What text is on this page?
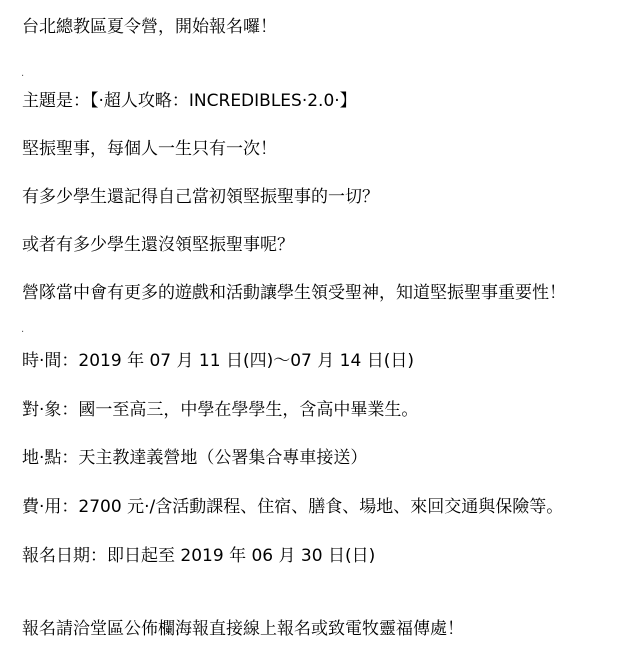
台北總教區夏令營，開始報名囉！
·
主題是：【‧超人攻略：INCREDIBLES‧2.0‧】
堅振聖事，每個人一生只有一次！
有多少學生還記得自己當初領堅振聖事的一切？
或者有多少學生還沒領堅振聖事呢？
營隊當中會有更多的遊戲和活動讓學生領受聖神，知道堅振聖事重要性！
·
時‧間：2019 年 07 月 11 日(四)～07 月 14 日(日)
對‧象：國一至高三，中學在學學生，含高中畢業生。
地‧點：天主教達義營地（公署集合專車接送）
費‧用：2700 元‧/含活動課程、住宿、膳食、場地、來回交通與保險等。
報名日期：即日起至 2019 年 06 月 30 日(日)
報名請洽堂區公佈欄海報直接線上報名或致電牧靈福傳處！
